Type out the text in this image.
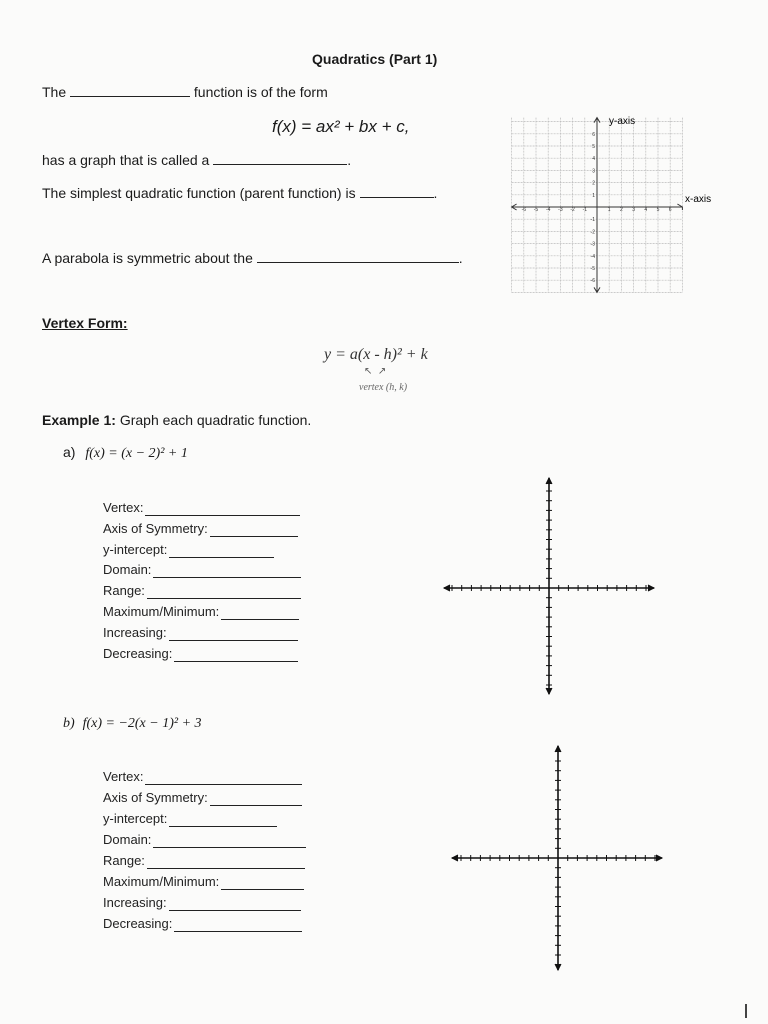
Quadratics (Part 1)
The	function is of the form
f(x) = ax² + bx + c,
has a graph that is called a	.
The simplest quadratic function (parent function) is	.
A parabola is symmetric about the	.
y-axis
x-axis
-6 -5 -4 -3 -2 -1	1 2 3 4 5 6
6
5
4
3
2
1
-1
-2
-3
-4
-5
-6
Vertex Form:
y = a(x - h)² + k
↖  ↗
vertex (h, k)
Example 1: Graph each quadratic function.
a) f(x) = (x − 2)² + 1
Vertex:
Axis of Symmetry:
y-intercept:
Domain:
Range:
Maximum/Minimum:
Increasing:
Decreasing:
b) f(x) = −2(x − 1)² + 3
Vertex:
Axis of Symmetry:
y-intercept:
Domain:
Range:
Maximum/Minimum:
Increasing:
Decreasing:
